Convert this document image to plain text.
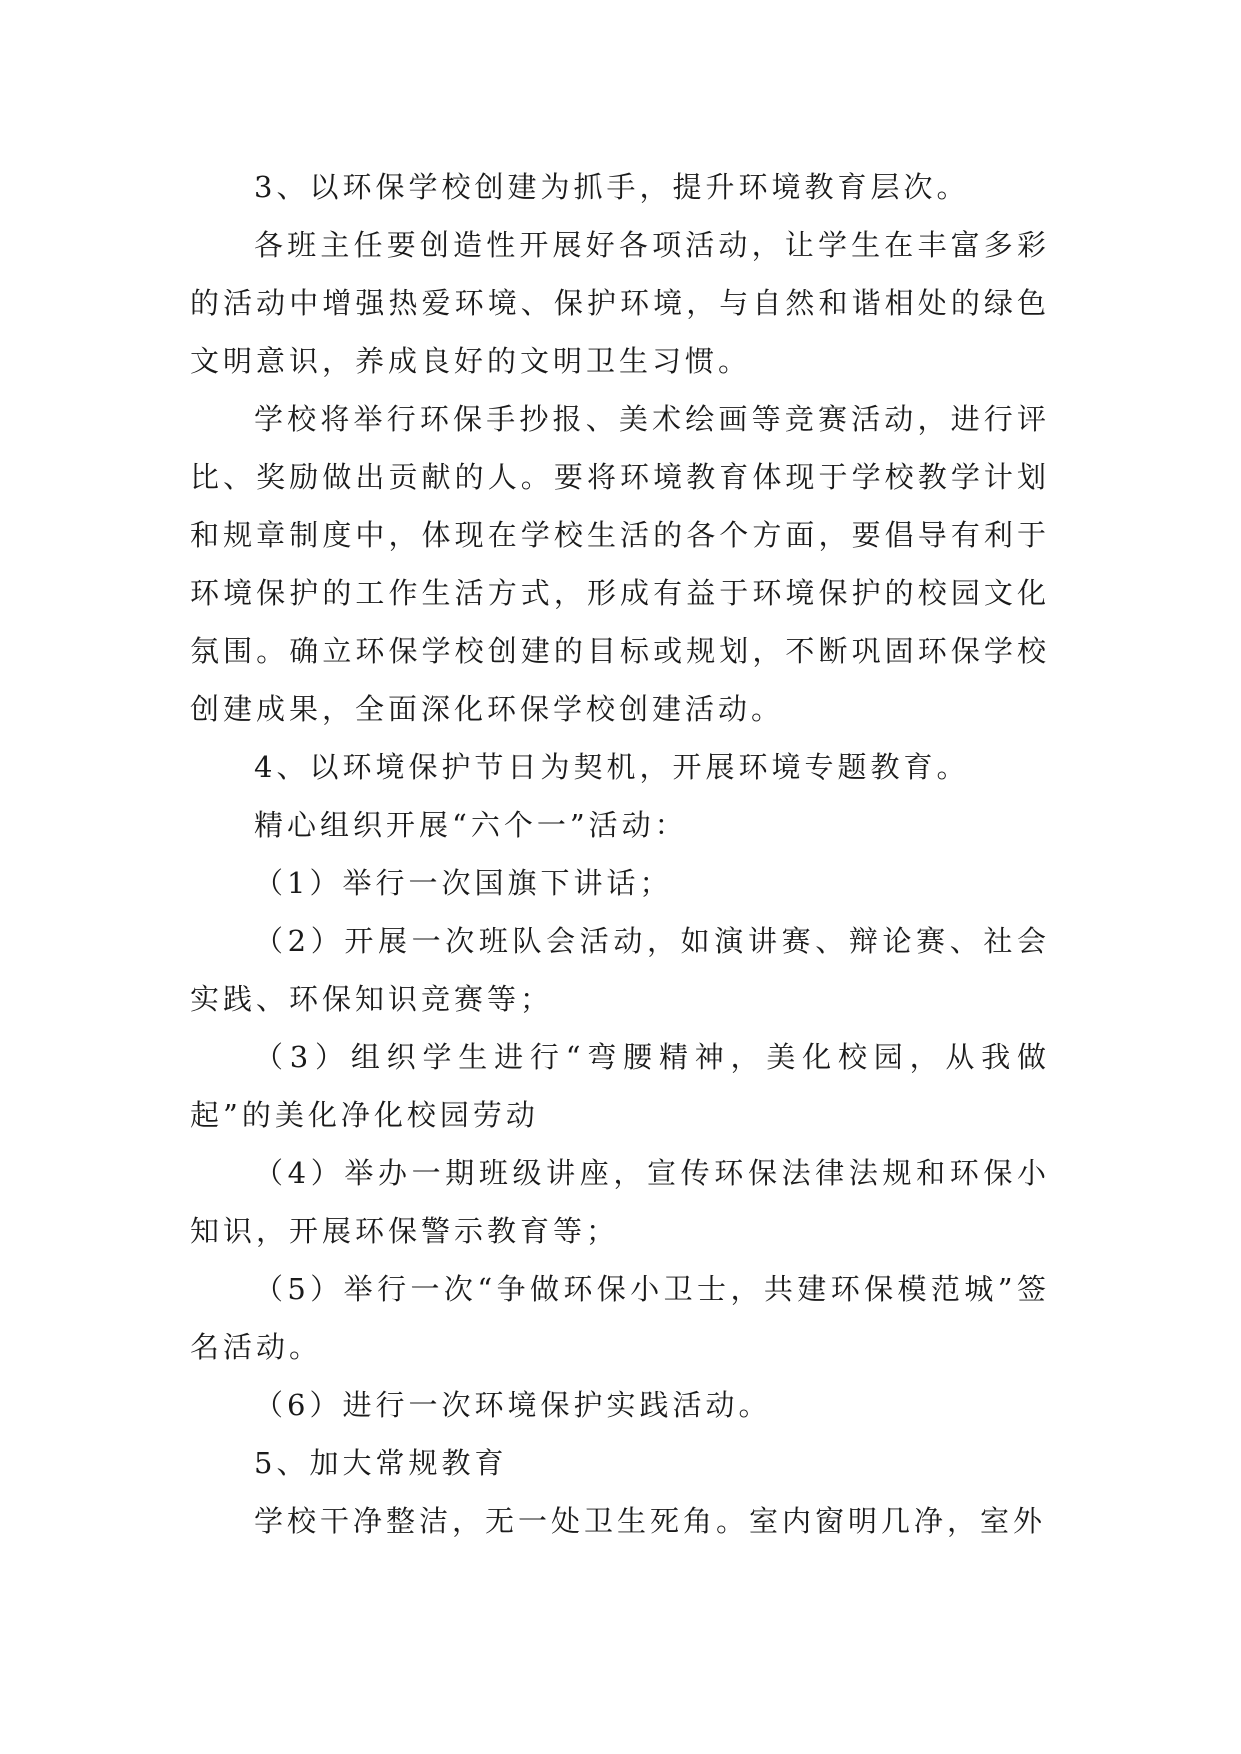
3、以环保学校创建为抓手，提升环境教育层次。

各班主任要创造性开展好各项活动，让学生在丰富多彩的活动中增强热爱环境、保护环境，与自然和谐相处的绿色文明意识，养成良好的文明卫生习惯。

学校将举行环保手抄报、美术绘画等竞赛活动，进行评比、奖励做出贡献的人。要将环境教育体现于学校教学计划和规章制度中，体现在学校生活的各个方面，要倡导有利于环境保护的工作生活方式，形成有益于环境保护的校园文化氛围。确立环保学校创建的目标或规划，不断巩固环保学校创建成果，全面深化环保学校创建活动。

4、以环境保护节日为契机，开展环境专题教育。

精心组织开展“六个一”活动：

（1）举行一次国旗下讲话；

（2）开展一次班队会活动，如演讲赛、辩论赛、社会实践、环保知识竞赛等；

（3）组织学生进行“弯腰精神，美化校园，从我做起”的美化净化校园劳动

（4）举办一期班级讲座，宣传环保法律法规和环保小知识，开展环保警示教育等；

（5）举行一次“争做环保小卫士，共建环保模范城”签名活动。

（6）进行一次环境保护实践活动。

5、加大常规教育

学校干净整洁，无一处卫生死角。室内窗明几净，室外
